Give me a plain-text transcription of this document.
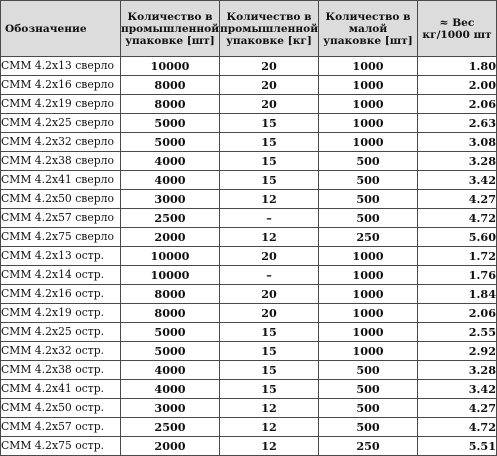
Обозначение	Количество в промышленной упаковке [шт]	Количество в промышленной упаковке [кг]	Количество в малой упаковке [шт]	≈ Вес кг/1000 шт
СММ 4.2x13 сверло	10000	20	1000	1.80
СММ 4.2x16 сверло	8000	20	1000	2.00
СММ 4.2x19 сверло	8000	20	1000	2.06
СММ 4.2x25 сверло	5000	15	1000	2.63
СММ 4.2x32 сверло	5000	15	1000	3.08
СММ 4.2x38 сверло	4000	15	500	3.28
СММ 4.2x41 сверло	4000	15	500	3.42
СММ 4.2x50 сверло	3000	12	500	4.27
СММ 4.2x57 сверло	2500	–	500	4.72
СММ 4.2x75 сверло	2000	12	250	5.60
СММ 4.2x13 остр.	10000	20	1000	1.72
СММ 4.2x14 остр.	10000	–	1000	1.76
СММ 4.2x16 остр.	8000	20	1000	1.84
СММ 4.2x19 остр.	8000	20	1000	2.06
СММ 4.2x25 остр.	5000	15	1000	2.55
СММ 4.2x32 остр.	5000	15	1000	2.92
СММ 4.2x38 остр.	4000	15	500	3.28
СММ 4.2x41 остр.	4000	15	500	3.42
СММ 4.2x50 остр.	3000	12	500	4.27
СММ 4.2x57 остр.	2500	12	500	4.72
СММ 4.2x75 остр.	2000	12	250	5.51
